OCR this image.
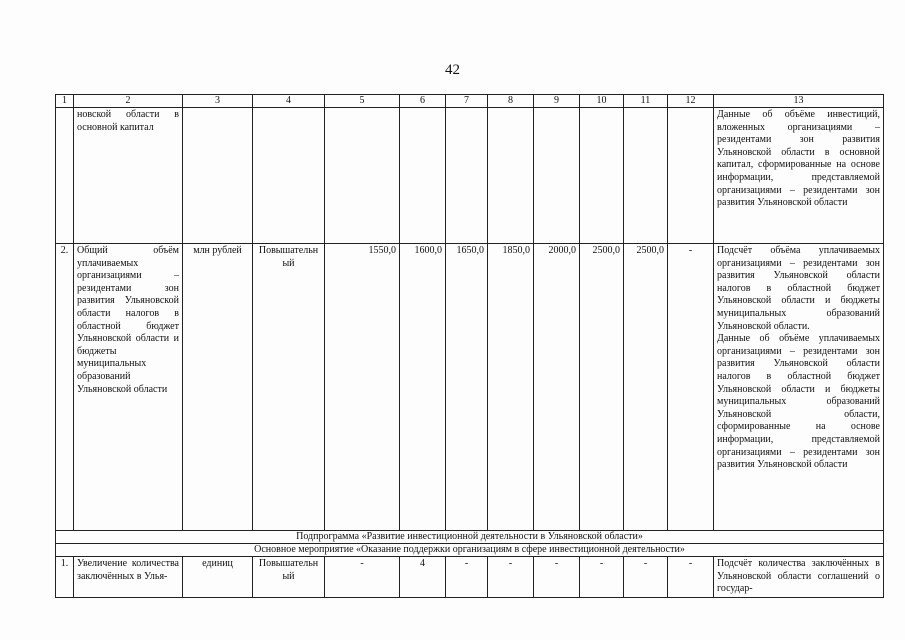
42
1	2	3	4	5	6	7	8	9	10	11	12	13
	новской области в основной капитал											Данные об объёме инвестиций, вложенных организациями – резидентами зон развития Ульяновской области в основной капитал, сформированные на основе информации, представляемой организациями – резидентами зон развития Ульяновской области
2.	Общий объём уплачиваемых организациями – резидентами зон развития Ульяновской области налогов в областной бюджет Ульяновской области и бюджеты муниципальных образований Ульяновской области	млн рублей	Повышательный	1550,0	1600,0	1650,0	1850,0	2000,0	2500,0	2500,0	-	Подсчёт объёма уплачиваемых организациями – резидентами зон развития Ульяновской области налогов в областной бюджет Ульяновской области и бюджеты муниципальных образований Ульяновской области.
Данные об объёме уплачиваемых организациями – резидентами зон развития Ульяновской области налогов в областной бюджет Ульяновской области и бюджеты муниципальных образований Ульяновской области, сформированные на основе информации, представляемой организациями – резидентами зон развития Ульяновской области

Подпрограмма «Развитие инвестиционной деятельности в Ульяновской области»												
Основное мероприятие «Оказание поддержки организациям в сфере инвестиционной деятельности»												
1.	Увеличение количества заключённых в Улья-	единиц	Повышательный	-	4	-	-	-	-	-	-	Подсчёт количества заключённых в Ульяновской области соглашений о государ-
